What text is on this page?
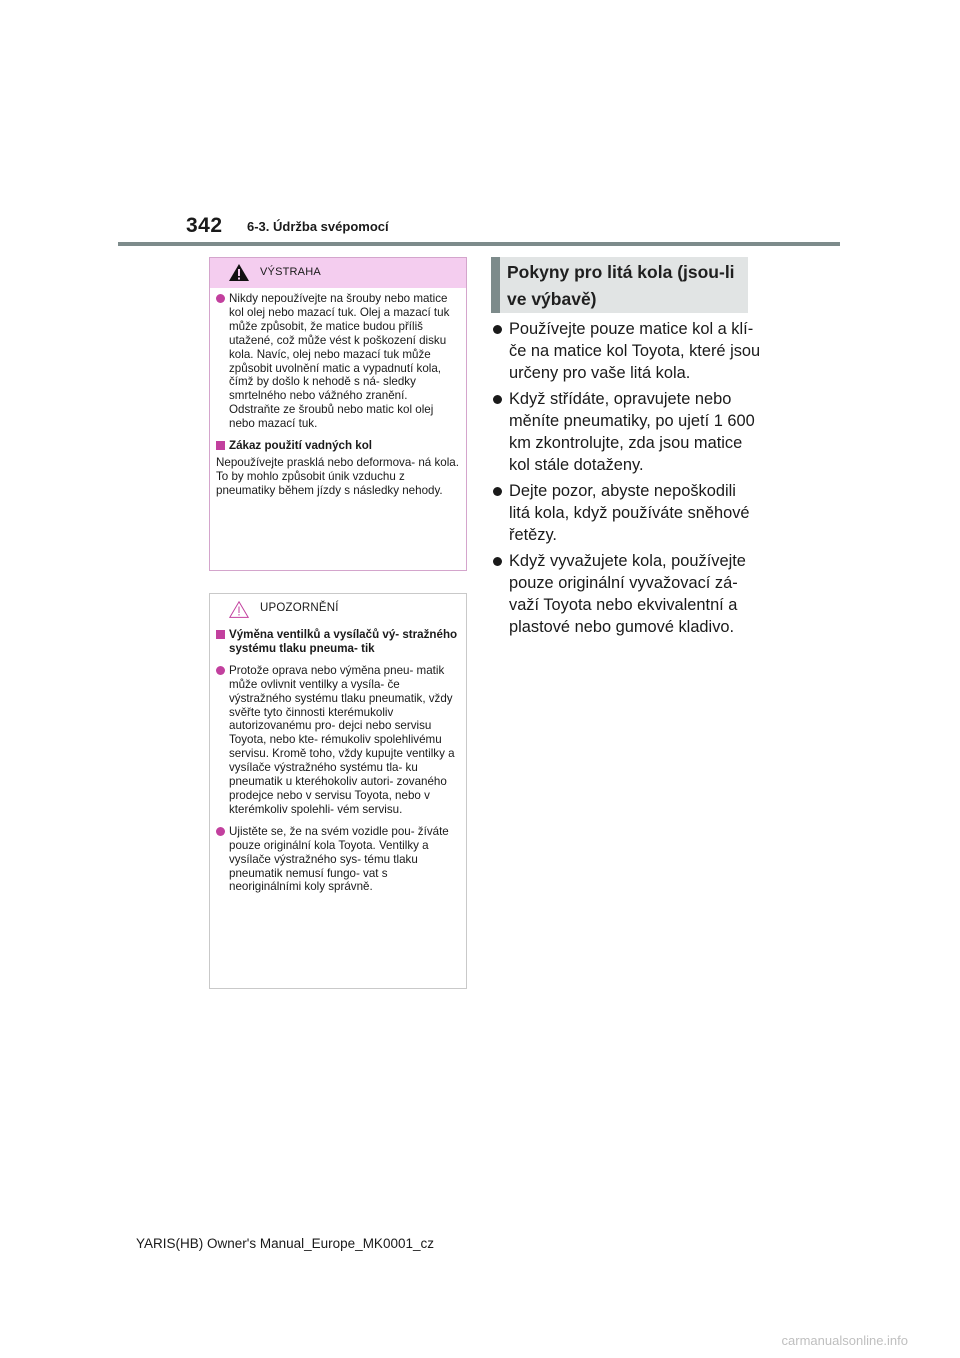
342 6-3. Údržba svépomocí
VÝSTRAHA
Nikdy nepoužívejte na šrouby nebo matice kol olej nebo mazací tuk. Olej a mazací tuk může způsobit, že matice budou příliš utažené, což může vést k poškození disku kola. Navíc, olej nebo mazací tuk může způsobit uvolnění matic a vypadnutí kola, čímž by došlo k nehodě s ná- sledky smrtelného nebo vážného zranění. Odstraňte ze šroubů nebo matic kol olej nebo mazací tuk.
Zákaz použití vadných kol
Nepoužívejte prasklá nebo deformova- ná kola. To by mohlo způsobit únik vzduchu z pneumatiky během jízdy s následky nehody.
UPOZORNĚNÍ
Výměna ventilků a vysílačů vý- stražného systému tlaku pneuma- tik
Protože oprava nebo výměna pneu- matik může ovlivnit ventilky a vysíla- če výstražného systému tlaku pneumatik, vždy svěřte tyto činnosti kterémukoliv autorizovanému pro- dejci nebo servisu Toyota, nebo kte- rémukoliv spolehlivému servisu. Kromě toho, vždy kupujte ventilky a vysílače výstražného systému tla- ku pneumatik u kteréhokoliv autori- zovaného prodejce nebo v servisu Toyota, nebo v kterémkoliv spolehli- vém servisu.
Ujistěte se, že na svém vozidle pou- žíváte pouze originální kola Toyota. Ventilky a vysílače výstražného sys- tému tlaku pneumatik nemusí fungo- vat s neoriginálními koly správně.
Pokyny pro litá kola (jsou-li ve výbavě)
Používejte pouze matice kol a klí- če na matice kol Toyota, které jsou určeny pro vaše litá kola.
Když střídáte, opravujete nebo měníte pneumatiky, po ujetí 1 600 km zkontrolujte, zda jsou matice kol stále dotaženy.
Dejte pozor, abyste nepoškodili litá kola, když používáte sněhové řetězy.
Když vyvažujete kola, používejte pouze originální vyvažovací zá- važí Toyota nebo ekvivalentní a plastové nebo gumové kladivo.
YARIS(HB) Owner's Manual_Europe_MK0001_cz
carmanualsonline.info
